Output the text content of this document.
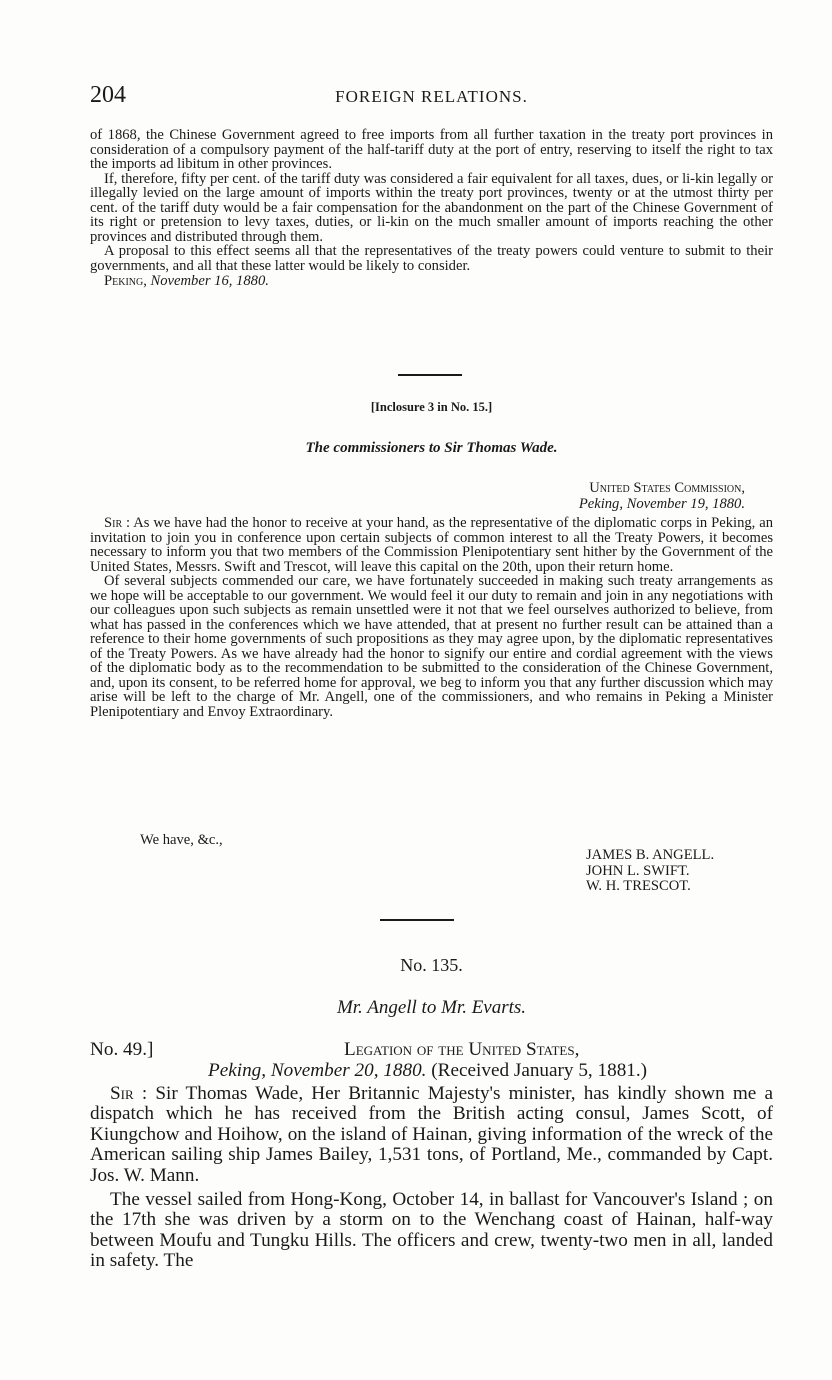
204	FOREIGN RELATIONS.

of 1868, the Chinese Government agreed to free imports from all further taxation in the treaty port provinces in consideration of a compulsory payment of the half-tariff duty at the port of entry, reserving to itself the right to tax the imports ad libitum in other provinces.

If, therefore, fifty per cent. of the tariff duty was considered a fair equivalent for all taxes, dues, or li-kin legally or illegally levied on the large amount of imports within the treaty port provinces, twenty or at the utmost thirty per cent. of the tariff duty would be a fair compensation for the abandonment on the part of the Chinese Government of its right or pretension to levy taxes, duties, or li-kin on the much smaller amount of imports reaching the other provinces and distributed through them.

A proposal to this effect seems all that the representatives of the treaty powers could venture to submit to their governments, and all that these latter would be likely to consider.

Peking, November 16, 1880.
[Inclosure 3 in No. 15.]
The commissioners to Sir Thomas Wade.
United States Commission,
Peking, November 19, 1880.

Sir : As we have had the honor to receive at your hand, as the representative of the diplomatic corps in Peking, an invitation to join you in conference upon certain subjects of common interest to all the Treaty Powers, it becomes necessary to inform you that two members of the Commission Plenipotentiary sent hither by the Government of the United States, Messrs. Swift and Trescot, will leave this capital on the 20th, upon their return home.

Of several subjects commended our care, we have fortunately succeeded in making such treaty arrangements as we hope will be acceptable to our government. We would feel it our duty to remain and join in any negotiations with our colleagues upon such subjects as remain unsettled were it not that we feel ourselves authorized to believe, from what has passed in the conferences which we have attended, that at present no further result can be attained than a reference to their home governments of such propositions as they may agree upon, by the diplomatic representatives of the Treaty Powers. As we have already had the honor to signify our entire and cordial agreement with the views of the diplomatic body as to the recommendation to be submitted to the consideration of the Chinese Government, and, upon its consent, to be referred home for approval, we beg to inform you that any further discussion which may arise will be left to the charge of Mr. Angell, one of the commissioners, and who remains in Peking a Minister Plenipotentiary and Envoy Extraordinary.

We have, &c.,
JAMES B. ANGELL.
JOHN L. SWIFT.
W. H. TRESCOT.
No. 135.
Mr. Angell to Mr. Evarts.
No. 49.]	Legation of the United States,
Peking, November 20, 1880. (Received January 5, 1881.)

Sir : Sir Thomas Wade, Her Britannic Majesty's minister, has kindly shown me a dispatch which he has received from the British acting consul, James Scott, of Kiungchow and Hoihow, on the island of Hainan, giving information of the wreck of the American sailing ship James Bailey, 1,531 tons, of Portland, Me., commanded by Capt. Jos. W. Mann.

The vessel sailed from Hong-Kong, October 14, in ballast for Vancouver's Island ; on the 17th she was driven by a storm on to the Wenchang coast of Hainan, half-way between Moufu and Tungku Hills. The officers and crew, twenty-two men in all, landed in safety. The
